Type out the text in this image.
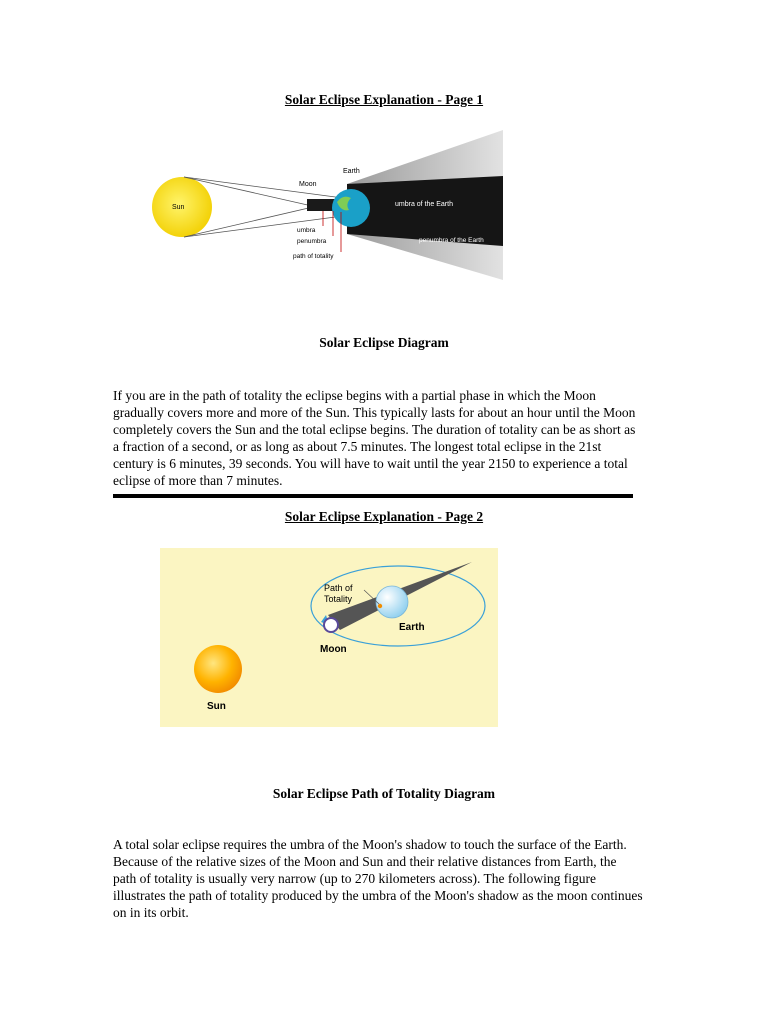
Solar Eclipse Explanation - Page 1
Sun
Moon
Earth
umbra of the Earth
penumbra of the Earth
umbra
penumbra
path of totality
Solar Eclipse Diagram

If you are in the path of totality the eclipse begins with a partial phase in which the Moon gradually covers more and more of the Sun. This typically lasts for about an hour until the Moon completely covers the Sun and the total eclipse begins. The duration of totality can be as short as a fraction of a second, or as long as about 7.5 minutes. The longest total eclipse in the 21st century is 6 minutes, 39 seconds. You will have to wait until the year 2150 to experience a total eclipse of more than 7 minutes.

Solar Eclipse Explanation - Page 2
Path of
Totality
Earth
Moon
Sun
Solar Eclipse Path of Totality Diagram

A total solar eclipse requires the umbra of the Moon's shadow to touch the surface of the Earth. Because of the relative sizes of the Moon and Sun and their relative distances from Earth, the path of totality is usually very narrow (up to 270 kilometers across). The following figure illustrates the path of totality produced by the umbra of the Moon's shadow as the moon continues on in its orbit.
